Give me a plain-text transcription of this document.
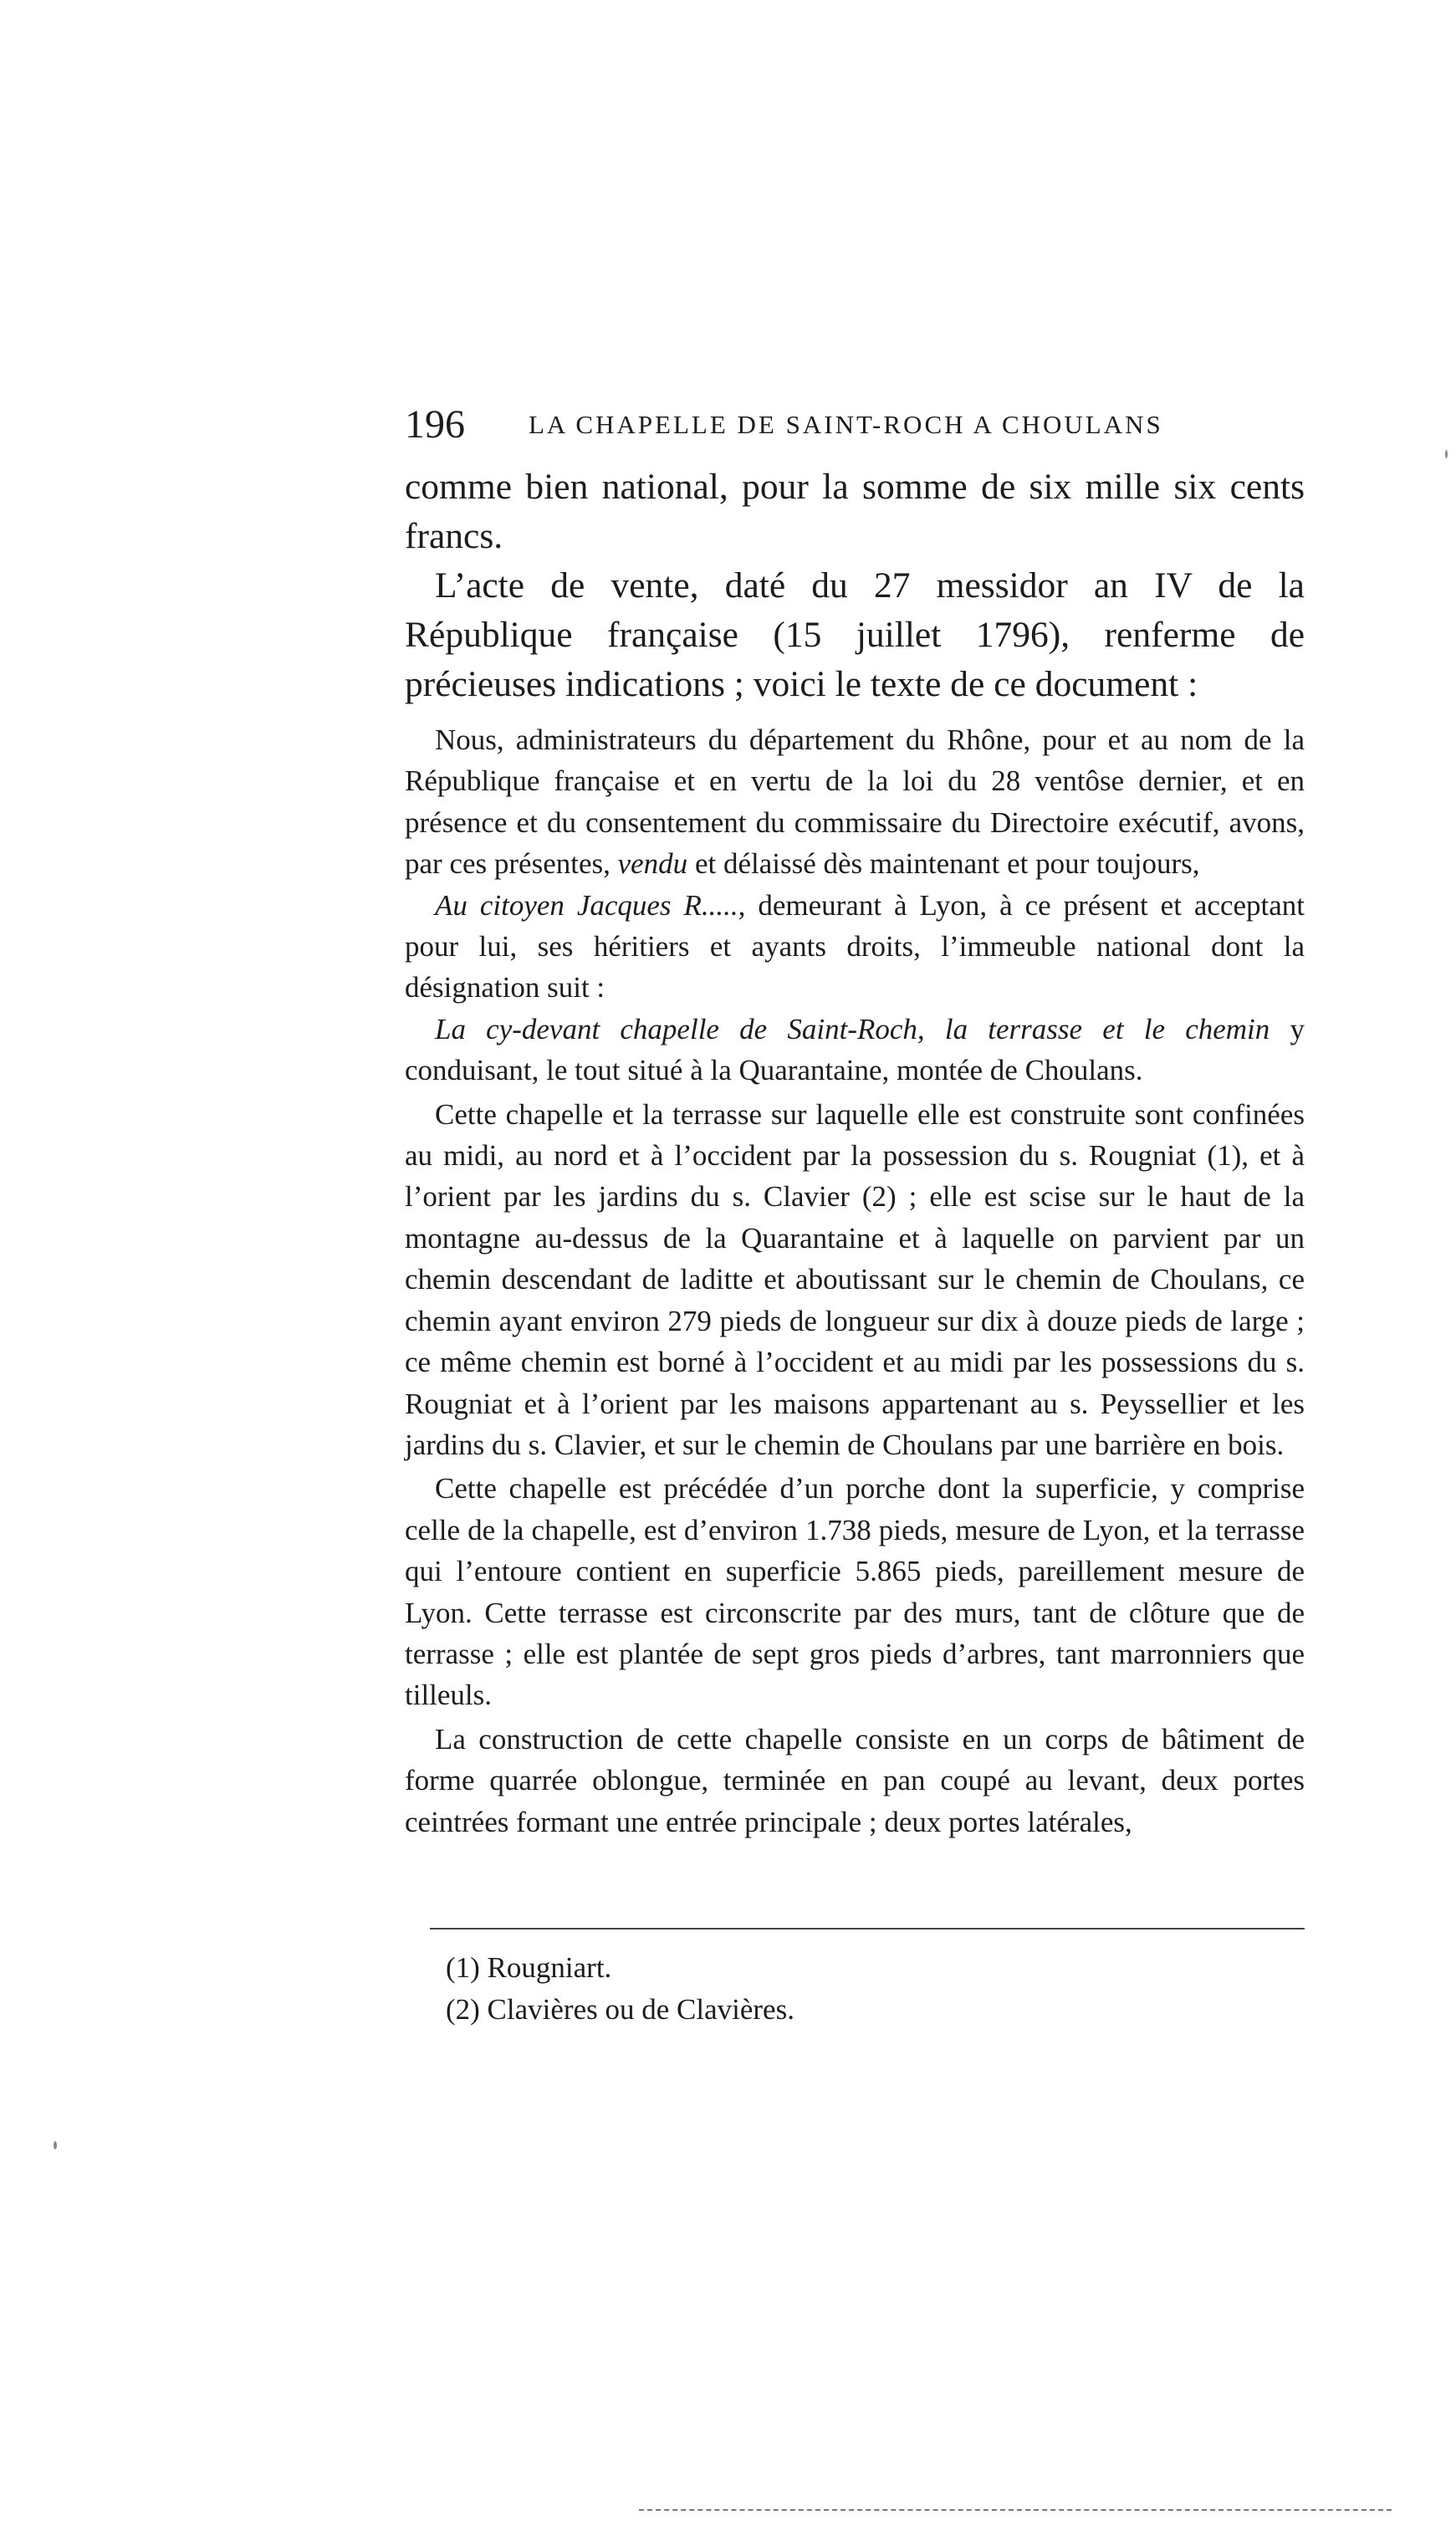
196 LA CHAPELLE DE SAINT-ROCH A CHOULANS

comme bien national, pour la somme de six mille six cents francs.

L’acte de vente, daté du 27 messidor an IV de la République française (15 juillet 1796), renferme de précieuses indications ; voici le texte de ce document :

Nous, administrateurs du département du Rhône, pour et au nom de la République française et en vertu de la loi du 28 ventôse dernier, et en présence et du consentement du commissaire du Directoire exécutif, avons, par ces présentes, vendu et délaissé dès maintenant et pour toujours,

Au citoyen Jacques R....., demeurant à Lyon, à ce présent et acceptant pour lui, ses héritiers et ayants droits, l’immeuble national dont la désignation suit :

La cy-devant chapelle de Saint-Roch, la terrasse et le chemin y conduisant, le tout situé à la Quarantaine, montée de Choulans.

Cette chapelle et la terrasse sur laquelle elle est construite sont confinées au midi, au nord et à l’occident par la possession du s. Rougniat (1), et à l’orient par les jardins du s. Clavier (2) ; elle est scise sur le haut de la montagne au-dessus de la Quarantaine et à laquelle on parvient par un chemin descendant de laditte et aboutissant sur le chemin de Choulans, ce chemin ayant environ 279 pieds de longueur sur dix à douze pieds de large ; ce même chemin est borné à l’occident et au midi par les possessions du s. Rougniat et à l’orient par les maisons appartenant au s. Peyssellier et les jardins du s. Clavier, et sur le chemin de Choulans par une barrière en bois.

Cette chapelle est précédée d’un porche dont la superficie, y comprise celle de la chapelle, est d’environ 1.738 pieds, mesure de Lyon, et la terrasse qui l’entoure contient en superficie 5.865 pieds, pareillement mesure de Lyon. Cette terrasse est circonscrite par des murs, tant de clôture que de terrasse ; elle est plantée de sept gros pieds d’arbres, tant marronniers que tilleuls.

La construction de cette chapelle consiste en un corps de bâtiment de forme quarrée oblongue, terminée en pan coupé au levant, deux portes ceintrées formant une entrée principale ; deux portes latérales,

(1) Rougniart.

(2) Clavières ou de Clavières.
